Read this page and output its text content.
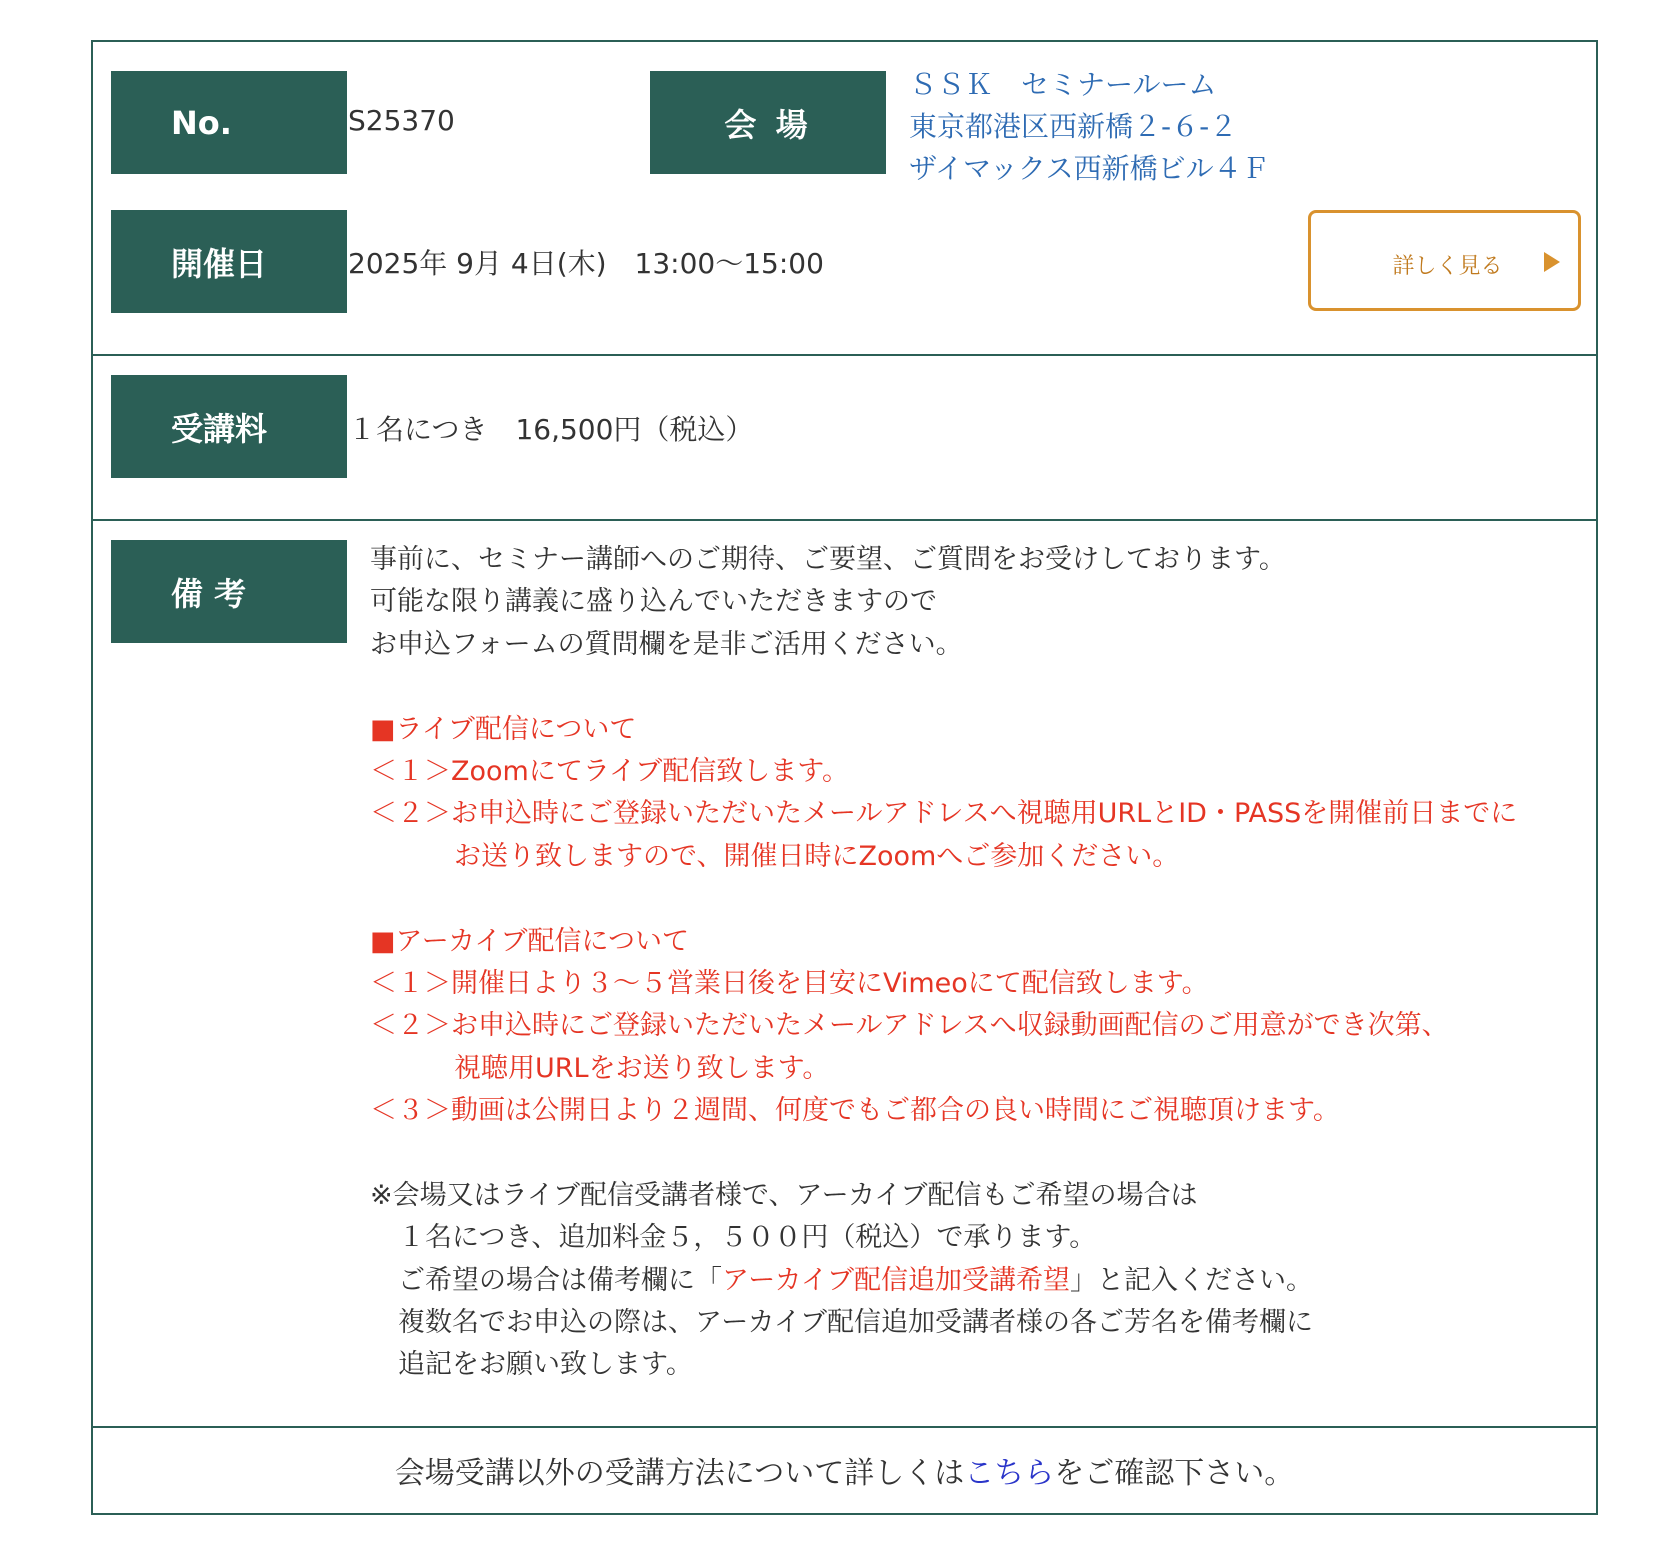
No.	S25370	会 場
ＳＳＫ　セミナールーム
東京都港区西新橋２-６-２
ザイマックス西新橋ビル４Ｆ
開催日	2025年 9月 4日(木)　13:00～15:00	詳しく見る
受講料	１名につき　16,500円（税込）
備 考
事前に、セミナー講師へのご期待、ご要望、ご質問をお受けしております。
可能な限り講義に盛り込んでいただきますので
お申込フォームの質問欄を是非ご活用ください。
■ライブ配信について
＜１＞Zoomにてライブ配信致します。
＜２＞お申込時にご登録いただいたメールアドレスへ視聴用URLとID・PASSを開催前日までに
お送り致しますので、開催日時にZoomへご参加ください。
■アーカイブ配信について
＜１＞開催日より３～５営業日後を目安にVimeoにて配信致します。
＜２＞お申込時にご登録いただいたメールアドレスへ収録動画配信のご用意ができ次第、
視聴用URLをお送り致します。
＜３＞動画は公開日より２週間、何度でもご都合の良い時間にご視聴頂けます。
※会場又はライブ配信受講者様で、アーカイブ配信もご希望の場合は
１名につき、追加料金５，５００円（税込）で承ります。
ご希望の場合は備考欄に「アーカイブ配信追加受講希望」と記入ください。
複数名でお申込の際は、アーカイブ配信追加受講者様の各ご芳名を備考欄に
追記をお願い致します。
会場受講以外の受講方法について詳しくはこちらをご確認下さい。
